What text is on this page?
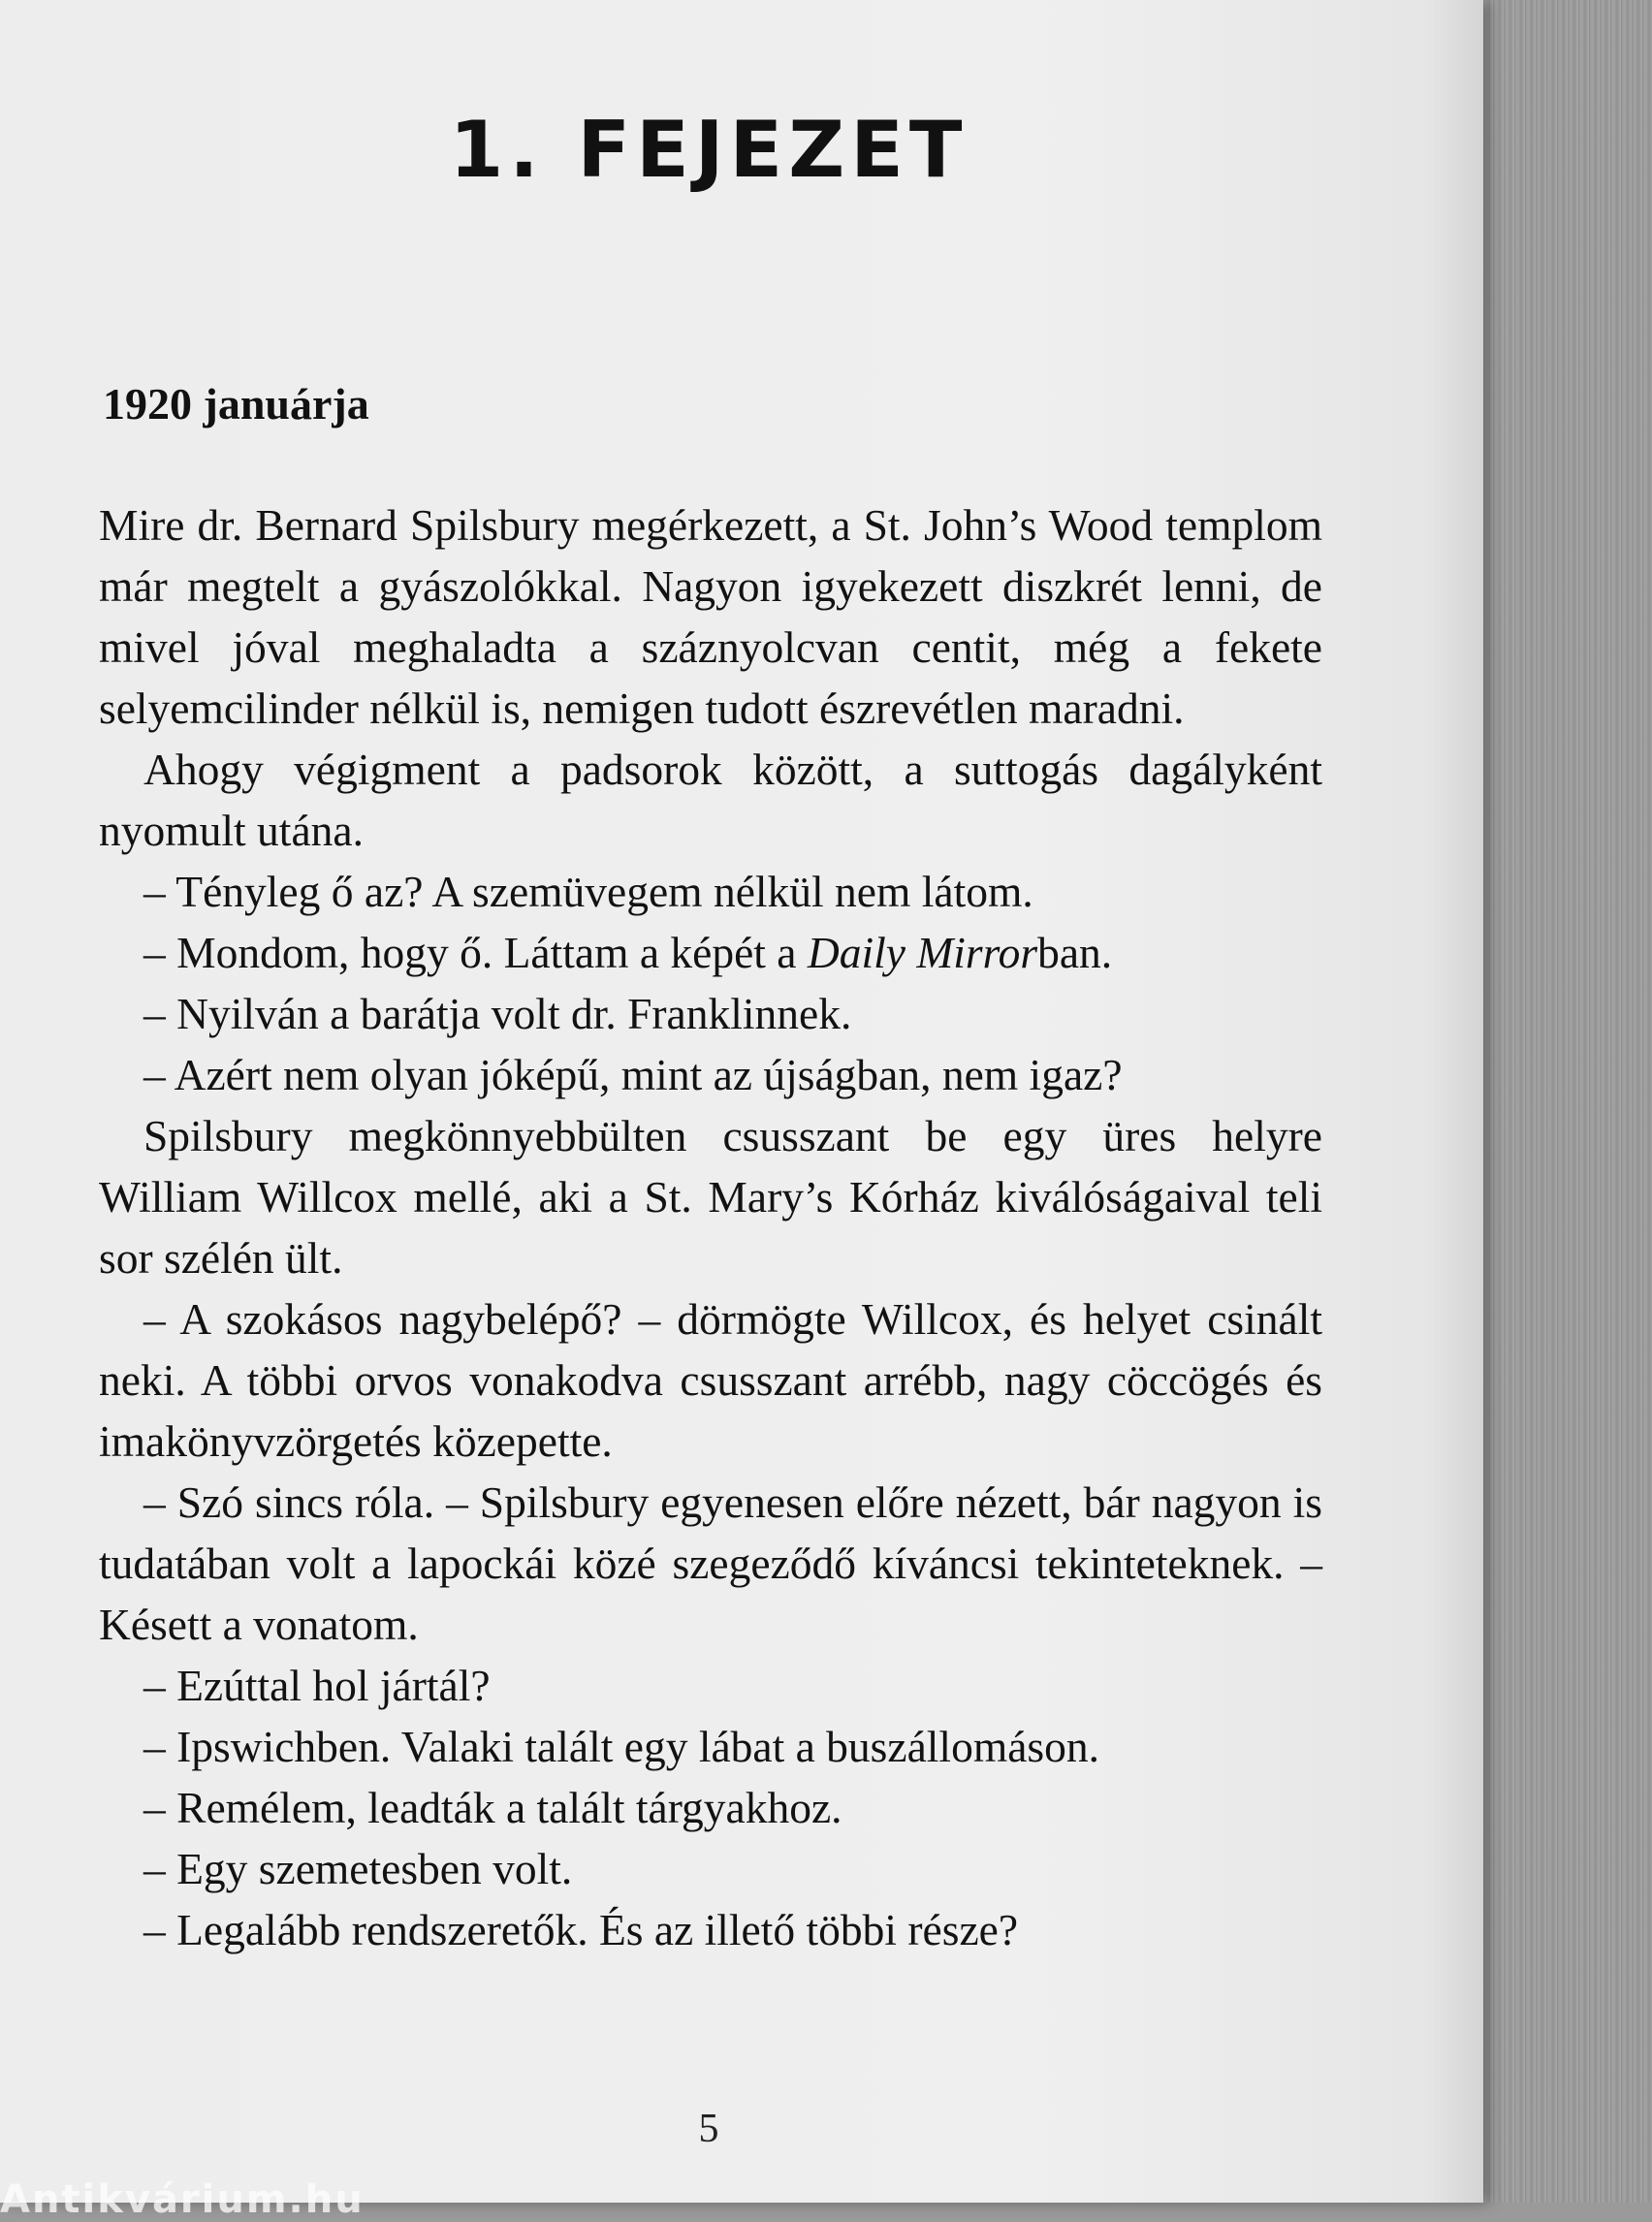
1. FEJEZET
1920 januárja

Mire dr. Bernard Spilsbury megérkezett, a St. John’s Wood templom már megtelt a gyászolókkal. Nagyon igyekezett diszkrét lenni, de mivel jóval meghaladta a száznyolcvan centit, még a fekete selyemcilinder nélkül is, nemigen tudott észrevétlen maradni.

Ahogy végigment a padsorok között, a suttogás dagályként nyomult utána.

– Tényleg ő az? A szemüvegem nélkül nem látom.

– Mondom, hogy ő. Láttam a képét a Daily Mirrorban.

– Nyilván a barátja volt dr. Franklinnek.

– Azért nem olyan jóképű, mint az újságban, nem igaz?

Spilsbury megkönnyebbülten csusszant be egy üres helyre William Willcox mellé, aki a St. Mary’s Kórház kiválóságaival teli sor szélén ült.

– A szokásos nagybelépő? – dörmögte Willcox, és helyet csinált neki. A többi orvos vonakodva csusszant arrébb, nagy cöccögés és imakönyvzörgetés közepette.

– Szó sincs róla. – Spilsbury egyenesen előre nézett, bár nagyon is tudatában volt a lapockái közé szegeződő kíváncsi tekinteteknek. – Késett a vonatom.

– Ezúttal hol jártál?

– Ipswichben. Valaki talált egy lábat a buszállomáson.

– Remélem, leadták a talált tárgyakhoz.

– Egy szemetesben volt.

– Legalább rendszeretők. És az illető többi része?

5
Antikvárium.hu
